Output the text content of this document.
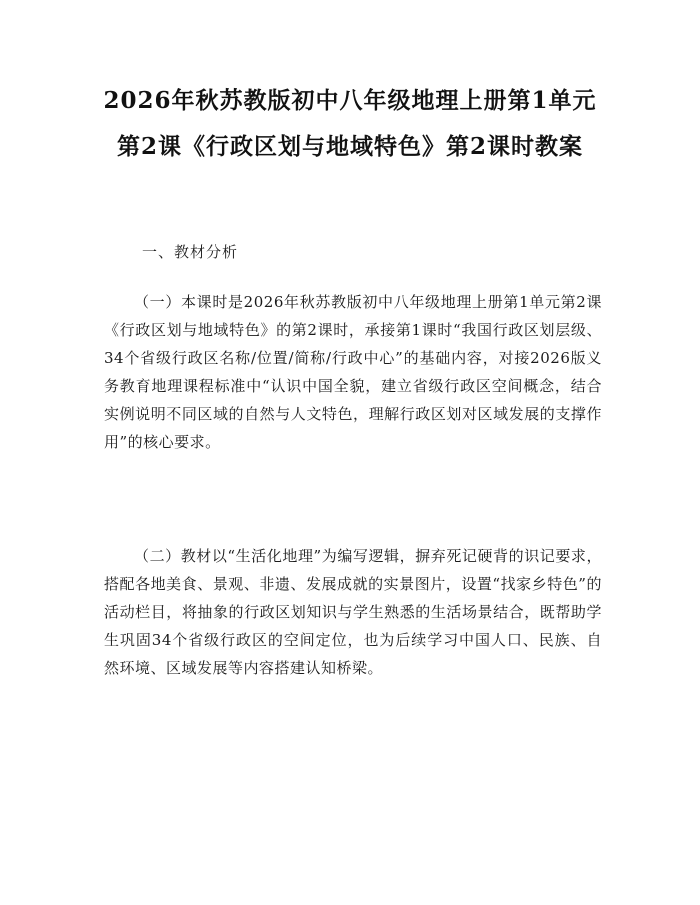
2026年秋苏教版初中八年级地理上册第1单元第2课《行政区划与地域特色》第2课时教案
一、教材分析
（一）本课时是2026年秋苏教版初中八年级地理上册第1单元第2课《行政区划与地域特色》的第2课时，承接第1课时“我国行政区划层级、34个省级行政区名称/位置/简称/行政中心”的基础内容，对接2026版义务教育地理课程标准中“认识中国全貌，建立省级行政区空间概念，结合实例说明不同区域的自然与人文特色，理解行政区划对区域发展的支撑作用”的核心要求。
（二）教材以“生活化地理”为编写逻辑，摒弃死记硬背的识记要求，搭配各地美食、景观、非遗、发展成就的实景图片，设置“找家乡特色”的活动栏目，将抽象的行政区划知识与学生熟悉的生活场景结合，既帮助学生巩固34个省级行政区的空间定位，也为后续学习中国人口、民族、自然环境、区域发展等内容搭建认知桥梁。
